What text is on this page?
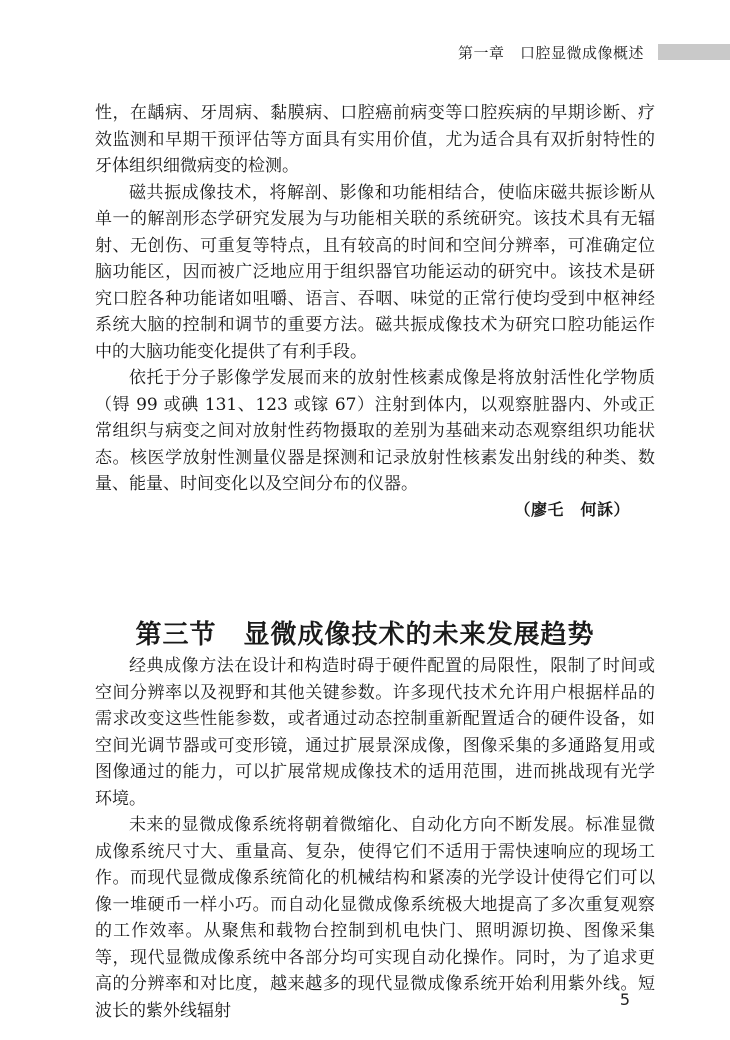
第一章　口腔显微成像概述

性，在龋病、牙周病、黏膜病、口腔癌前病变等口腔疾病的早期诊断、疗效监测和早期干预评估等方面具有实用价值，尤为适合具有双折射特性的牙体组织细微病变的检测。

磁共振成像技术，将解剖、影像和功能相结合，使临床磁共振诊断从单一的解剖形态学研究发展为与功能相关联的系统研究。该技术具有无辐射、无创伤、可重复等特点，且有较高的时间和空间分辨率，可准确定位脑功能区，因而被广泛地应用于组织器官功能运动的研究中。该技术是研究口腔各种功能诸如咀嚼、语言、吞咽、味觉的正常行使均受到中枢神经系统大脑的控制和调节的重要方法。磁共振成像技术为研究口腔功能运作中的大脑功能变化提供了有利手段。

依托于分子影像学发展而来的放射性核素成像是将放射活性化学物质（锝 99 或碘 131、123 或镓 67）注射到体内，以观察脏器内、外或正常组织与病变之间对放射性药物摄取的差别为基础来动态观察组织功能状态。核医学放射性测量仪器是探测和记录放射性核素发出射线的种类、数量、能量、时间变化以及空间分布的仪器。

（廖乇　何訸）
第三节　显微成像技术的未来发展趋势

经典成像方法在设计和构造时碍于硬件配置的局限性，限制了时间或空间分辨率以及视野和其他关键参数。许多现代技术允许用户根据样品的需求改变这些性能参数，或者通过动态控制重新配置适合的硬件设备，如空间光调节器或可变形镜，通过扩展景深成像，图像采集的多通路复用或图像通过的能力，可以扩展常规成像技术的适用范围，进而挑战现有光学环境。

未来的显微成像系统将朝着微缩化、自动化方向不断发展。标准显微成像系统尺寸大、重量高、复杂，使得它们不适用于需快速响应的现场工作。而现代显微成像系统简化的机械结构和紧凑的光学设计使得它们可以像一堆硬币一样小巧。而自动化显微成像系统极大地提高了多次重复观察的工作效率。从聚焦和载物台控制到机电快门、照明源切换、图像采集等，现代显微成像系统中各部分均可实现自动化操作。同时，为了追求更高的分辨率和对比度，越来越多的现代显微成像系统开始利用紫外线。短波长的紫外线辐射

5
